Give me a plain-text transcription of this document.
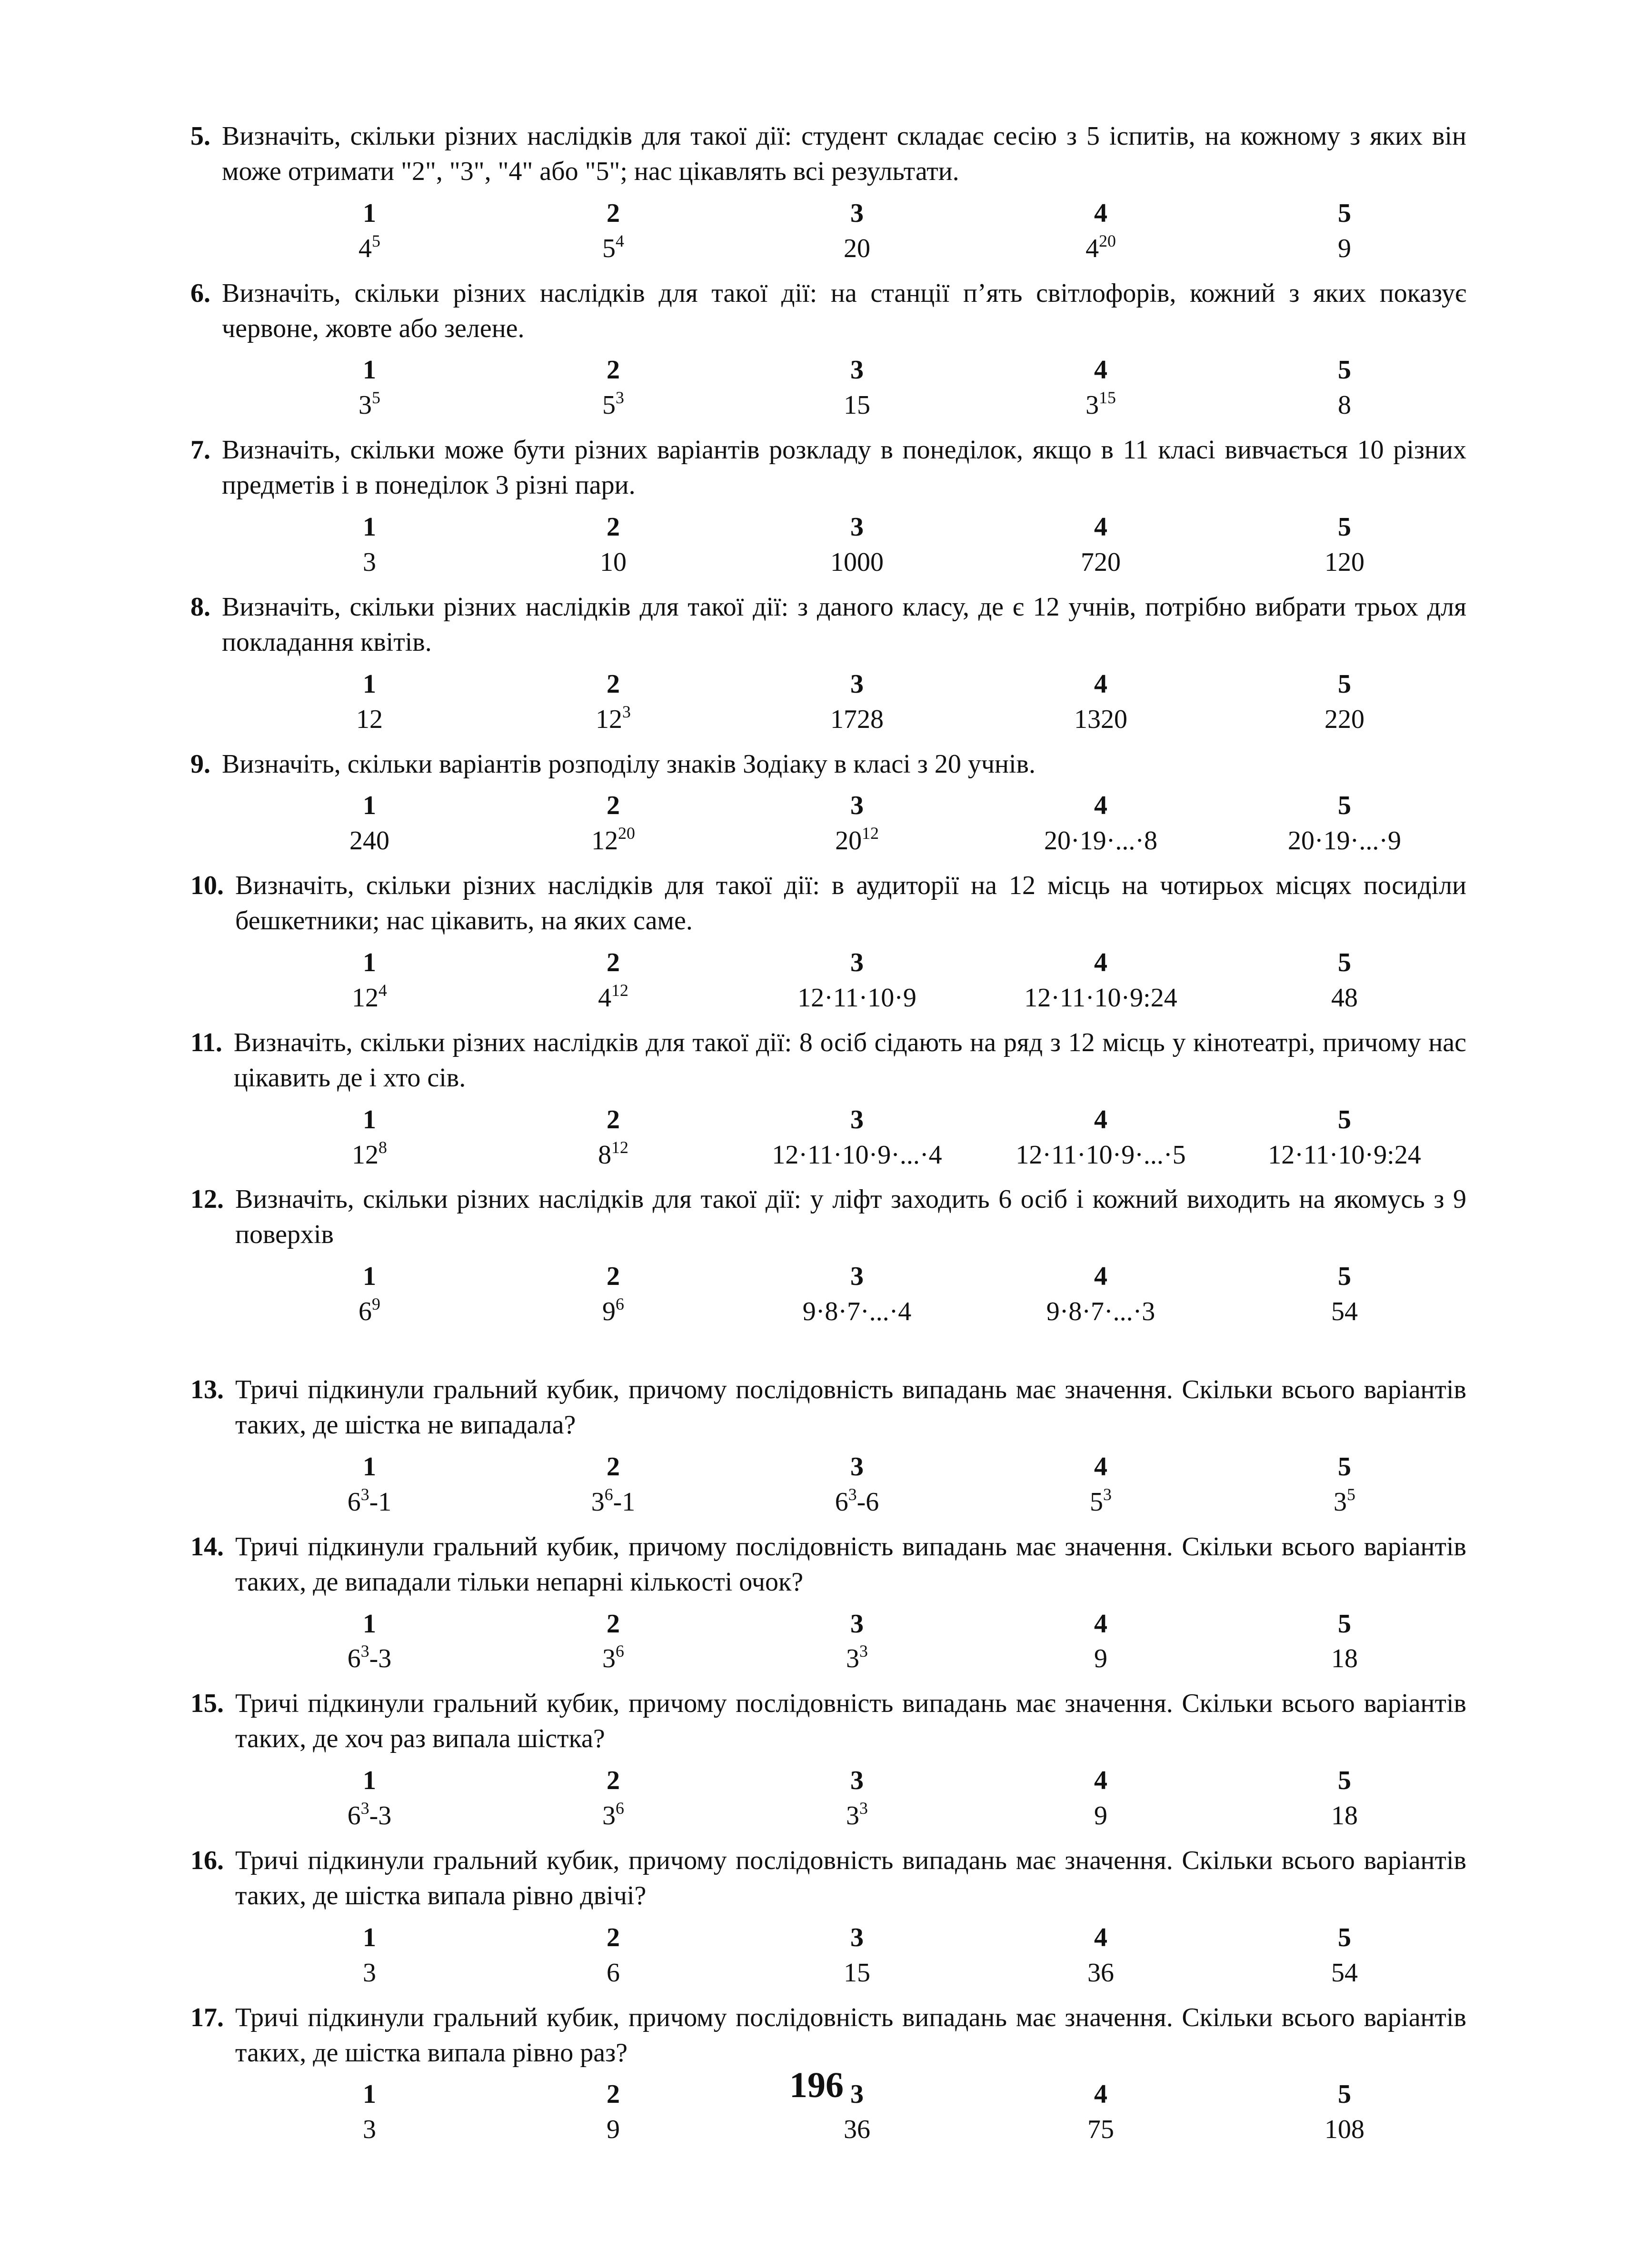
5. Визначіть, скільки різних наслідків для такої дії: студент складає сесію з 5 іспитів, на кожному з яких він може отримати "2", "3", "4" або "5"; нас цікавлять всі результати.
1
$4^5$
2
$5^4$
3
20
4
$4^{20}$
5
9
6. Визначіть, скільки різних наслідків для такої дії: на станції п’ять світлофорів, кожний з яких показує червоне, жовте або зелене.
1
$3^5$
2
$5^3$
3
15
4
$3^{15}$
5
8
7. Визначіть, скільки може бути різних варіантів розкладу в понеділок, якщо в 11 класі вивчається 10 різних предметів і в понеділок 3 різні пари.
1
3
2
10
3
1000
4
720
5
120
8. Визначіть, скільки різних наслідків для такої дії: з даного класу, де є 12 учнів, потрібно вибрати трьох для покладання квітів.
1
12
2
$12^3$
3
1728
4
1320
5
220
9. Визначіть, скільки варіантів розподілу знаків Зодіаку в класі з 20 учнів.
1
240
2
$12^{20}$
3
$20^{12}$
4
20·19·...·8
5
20·19·...·9
10. Визначіть, скільки різних наслідків для такої дії: в аудиторії на 12 місць на чотирьох місцях посиділи бешкетники; нас цікавить, на яких саме.
1
$12^4$
2
$4^{12}$
3
12·11·10·9
4
12·11·10·9:24
5
48
11. Визначіть, скільки різних наслідків для такої дії: 8 осіб сідають на ряд з 12 місць у кінотеатрі, причому нас цікавить де і хто сів.
1
$12^8$
2
$8^{12}$
3
12·11·10·9·...·4
4
12·11·10·9·...·5
5
12·11·10·9:24
12. Визначіть, скільки різних наслідків для такої дії: у ліфт заходить 6 осіб і кожний виходить на якомусь з 9 поверхів
1
$6^9$
2
$9^6$
3
9·8·7·...·4
4
9·8·7·...·3
5
54
13. Тричі підкинули гральний кубик, причому послідовність випадань має значення. Скільки всього варіантів таких, де шістка не випадала?
1
$6^3-1$
2
$3^6-1$
3
$6^3-6$
4
$5^3$
5
$3^5$
14. Тричі підкинули гральний кубик, причому послідовність випадань має значення. Скільки всього варіантів таких, де випадали тільки непарні кількості очок?
1
$6^3-3$
2
$3^6$
3
$3^3$
4
9
5
18
15. Тричі підкинули гральний кубик, причому послідовність випадань має значення. Скільки всього варіантів таких, де хоч раз випала шістка?
1
$6^3-3$
2
$3^6$
3
$3^3$
4
9
5
18
16. Тричі підкинули гральний кубик, причому послідовність випадань має значення. Скільки всього варіантів таких, де шістка випала рівно двічі?
1
3
2
6
3
15
4
36
5
54
17. Тричі підкинули гральний кубик, причому послідовність випадань має значення. Скільки всього варіантів таких, де шістка випала рівно раз?
1
3
2
9
3
36
4
75
5
108
196
